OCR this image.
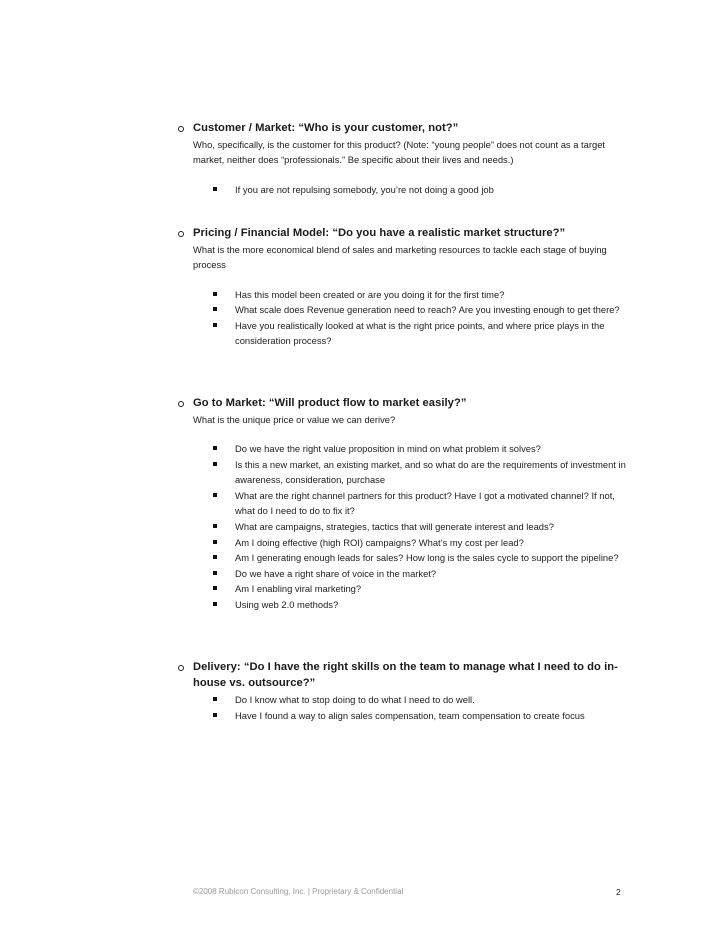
Customer / Market: “Who is your customer, not?”
Who, specifically, is the customer for this product? (Note: “young people” does not count as a target market, neither does “professionals.” Be specific about their lives and needs.)
If you are not repulsing somebody, you’re not doing a good job
Pricing / Financial Model: “Do you have a realistic market structure?”
What is the more economical blend of sales and marketing resources to tackle each stage of buying process
Has this model been created or are you doing it for the first time?
What scale does Revenue generation need to reach? Are you investing enough to get there?
Have you realistically looked at what is the right price points, and where price plays in the consideration process?
Go to Market: “Will product flow to market easily?”
What is the unique price or value we can derive?
Do we have the right value proposition in mind on what problem it solves?
Is this a new market, an existing market, and so what do are the requirements of investment in awareness, consideration, purchase
What are the right channel partners for this product? Have I got a motivated channel? If not, what do I need to do to fix it?
What are campaigns, strategies, tactics that will generate interest and leads?
Am I doing effective (high ROI) campaigns? What’s my cost per lead?
Am I generating enough leads for sales? How long is the sales cycle to support the pipeline?
Do we have a right share of voice in the market?
Am I enabling viral marketing?
Using web 2.0 methods?
Delivery: “Do I have the right skills on the team to manage what I need to do in-house vs. outsource?”
Do I know what to stop doing to do what I need to do well.
Have I found a way to align sales compensation, team compensation to create focus
©2008 Rubicon Consulting, Inc. | Proprietary & Confidential	2
